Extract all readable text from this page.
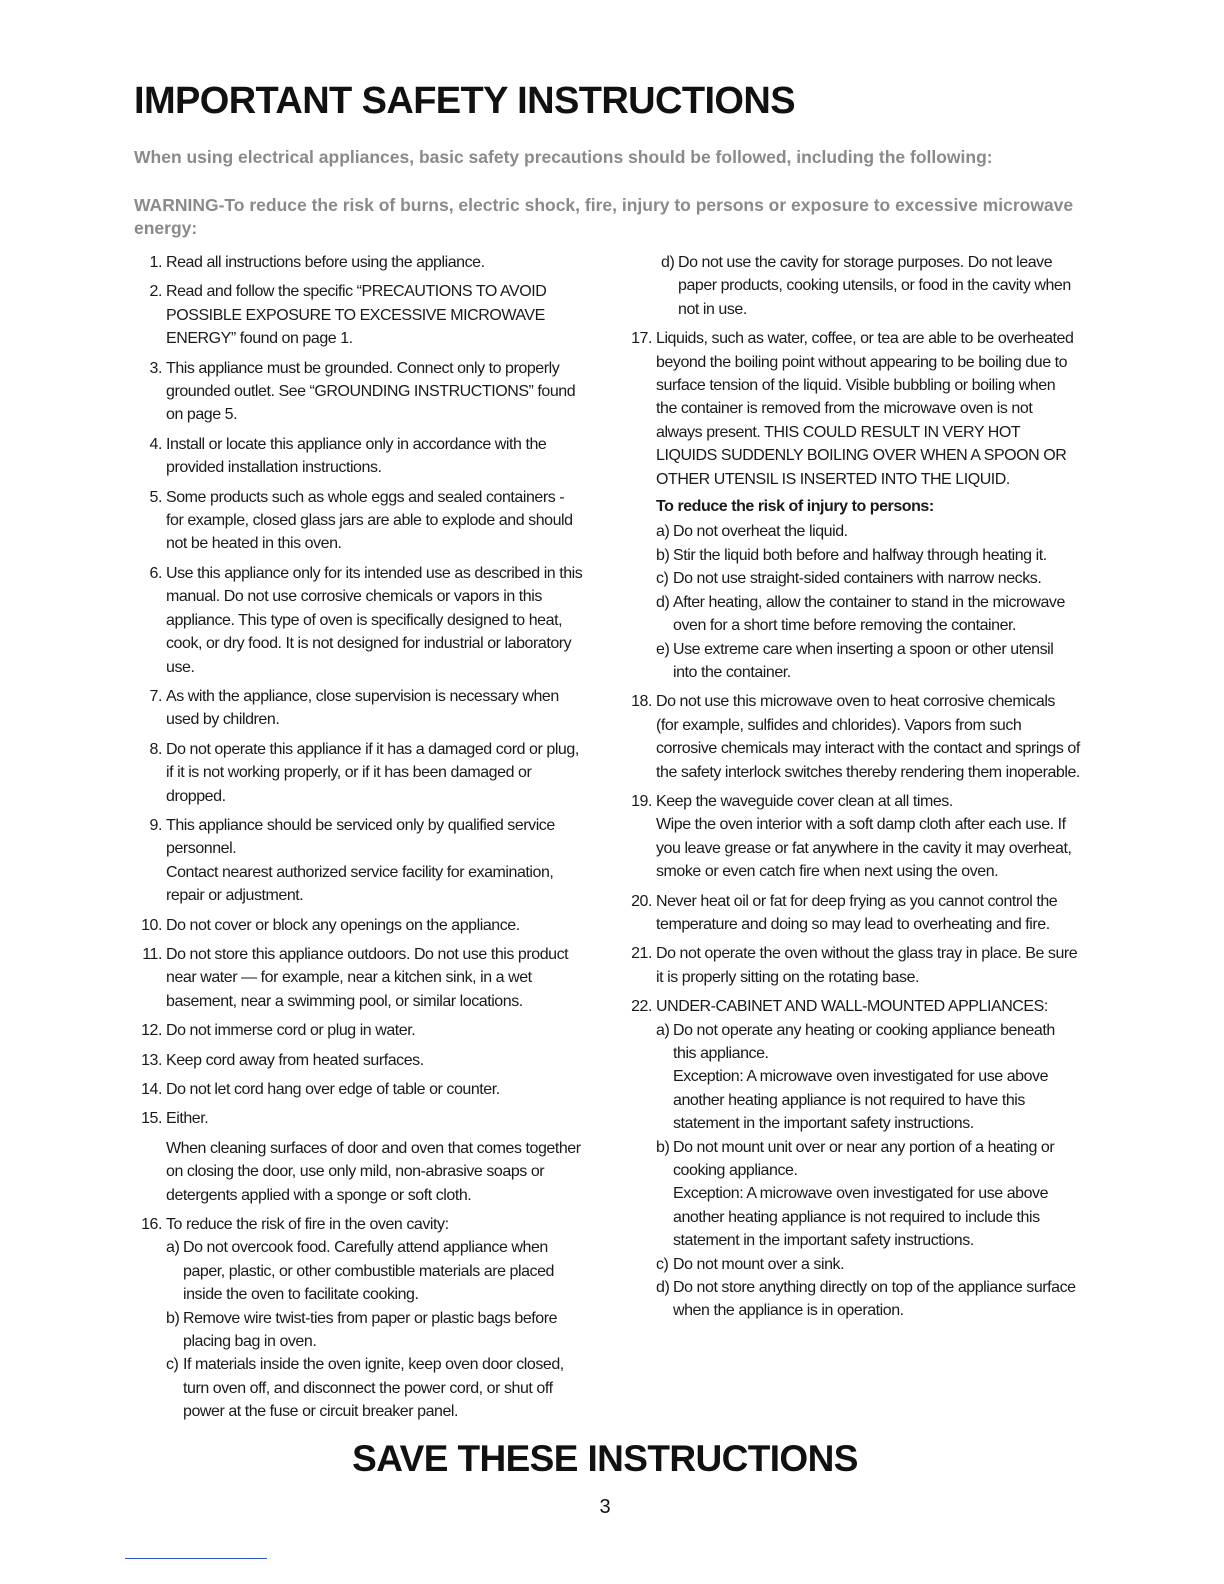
IMPORTANT SAFETY INSTRUCTIONS

When using electrical appliances, basic safety precautions should be followed, including the following:

WARNING-To reduce the risk of burns, electric shock, fire, injury to persons or exposure to excessive microwave energy:

1. Read all instructions before using the appliance.

2. Read and follow the specific “PRECAUTIONS TO AVOID POSSIBLE EXPOSURE TO EXCESSIVE MICROWAVE ENERGY” found on page 1.

3. This appliance must be grounded. Connect only to properly grounded outlet. See “GROUNDING INSTRUCTIONS” found on page 5.

4. Install or locate this appliance only in accordance with the provided installation instructions.

5. Some products such as whole eggs and sealed containers - for example, closed glass jars are able to explode and should not be heated in this oven.

6. Use this appliance only for its intended use as described in this manual. Do not use corrosive chemicals or vapors in this appliance. This type of oven is specifically designed to heat, cook, or dry food. It is not designed for industrial or laboratory use.

7. As with the appliance, close supervision is necessary when used by children.

8. Do not operate this appliance if it has a damaged cord or plug, if it is not working properly, or if it has been damaged or dropped.

9. This appliance should be serviced only by qualified service personnel.

Contact nearest authorized service facility for examination, repair or adjustment.

10. Do not cover or block any openings on the appliance.

11. Do not store this appliance outdoors. Do not use this product near water — for example, near a kitchen sink, in a wet basement, near a swimming pool, or similar locations.

12. Do not immerse cord or plug in water.

13. Keep cord away from heated surfaces.

14. Do not let cord hang over edge of table or counter.

15. Either.

When cleaning surfaces of door and oven that comes together on closing the door, use only mild, non-abrasive soaps or detergents applied with a sponge or soft cloth.

16. To reduce the risk of fire in the oven cavity:

a) Do not overcook food. Carefully attend appliance when paper, plastic, or other combustible materials are placed inside the oven to facilitate cooking.

b) Remove wire twist-ties from paper or plastic bags before placing bag in oven.

c) If materials inside the oven ignite, keep oven door closed, turn oven off, and disconnect the power cord, or shut off power at the fuse or circuit breaker panel.

d) Do not use the cavity for storage purposes. Do not leave paper products, cooking utensils, or food in the cavity when not in use.

17. Liquids, such as water, coffee, or tea are able to be overheated beyond the boiling point without appearing to be boiling due to surface tension of the liquid. Visible bubbling or boiling when the container is removed from the microwave oven is not always present. THIS COULD RESULT IN VERY HOT LIQUIDS SUDDENLY BOILING OVER WHEN A SPOON OR OTHER UTENSIL IS INSERTED INTO THE LIQUID.

To reduce the risk of injury to persons:

a) Do not overheat the liquid.

b) Stir the liquid both before and halfway through heating it.

c) Do not use straight-sided containers with narrow necks.

d) After heating, allow the container to stand in the microwave oven for a short time before removing the container.

e) Use extreme care when inserting a spoon or other utensil into the container.

18. Do not use this microwave oven to heat corrosive chemicals (for example, sulfides and chlorides). Vapors from such corrosive chemicals may interact with the contact and springs of the safety interlock switches thereby rendering them inoperable.

19. Keep the waveguide cover clean at all times.

Wipe the oven interior with a soft damp cloth after each use. If you leave grease or fat anywhere in the cavity it may overheat, smoke or even catch fire when next using the oven.

20. Never heat oil or fat for deep frying as you cannot control the temperature and doing so may lead to overheating and fire.

21. Do not operate the oven without the glass tray in place. Be sure it is properly sitting on the rotating base.

22. UNDER-CABINET AND WALL-MOUNTED APPLIANCES:

a) Do not operate any heating or cooking appliance beneath this appliance.

Exception: A microwave oven investigated for use above another heating appliance is not required to have this statement in the important safety instructions.

b) Do not mount unit over or near any portion of a heating or cooking appliance.

Exception: A microwave oven investigated for use above another heating appliance is not required to include this statement in the important safety instructions.

c) Do not mount over a sink.

d) Do not store anything directly on top of the appliance surface when the appliance is in operation.

SAVE THESE INSTRUCTIONS
3
